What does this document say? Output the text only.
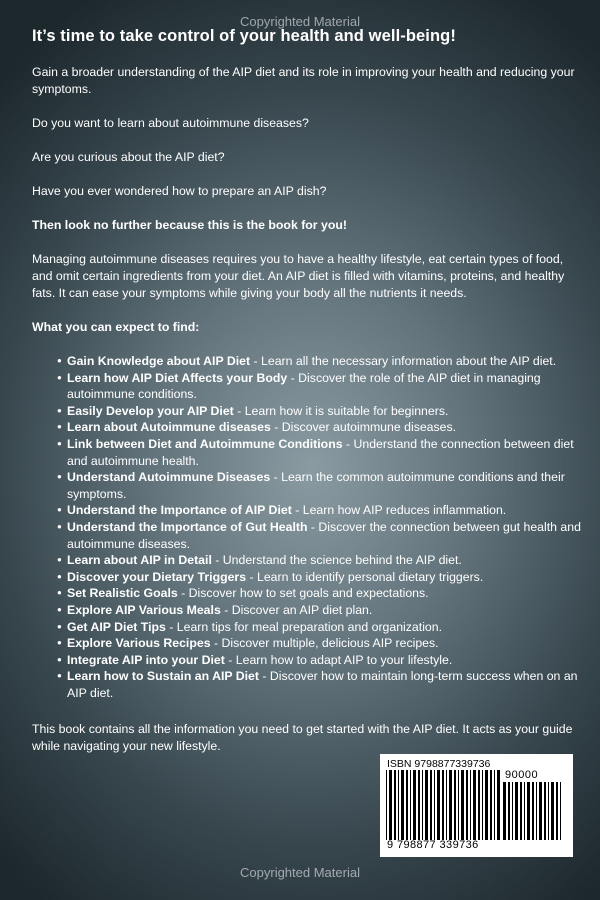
Copyrighted Material
It’s time to take control of your health and well-being!

Gain a broader understanding of the AIP diet and its role in improving your health and reducing your symptoms.

Do you want to learn about autoimmune diseases?

Are you curious about the AIP diet?

Have you ever wondered how to prepare an AIP dish?

Then look no further because this is the book for you!

Managing autoimmune diseases requires you to have a healthy lifestyle, eat certain types of food, and omit certain ingredients from your diet. An AIP diet is filled with vitamins, proteins, and healthy fats. It can ease your symptoms while giving your body all the nutrients it needs.

What you can expect to find:

● Gain Knowledge about AIP Diet - Learn all the necessary information about the AIP diet.
● Learn how AIP Diet Affects your Body - Discover the role of the AIP diet in managing autoimmune conditions.
● Easily Develop your AIP Diet - Learn how it is suitable for beginners.
● Learn about Autoimmune diseases - Discover autoimmune diseases.
● Link between Diet and Autoimmune Conditions - Understand the connection between diet and autoimmune health.
● Understand Autoimmune Diseases - Learn the common autoimmune conditions and their symptoms.
● Understand the Importance of AIP Diet - Learn how AIP reduces inflammation.
● Understand the Importance of Gut Health - Discover the connection between gut health and autoimmune diseases.
● Learn about AIP in Detail - Understand the science behind the AIP diet.
● Discover your Dietary Triggers - Learn to identify personal dietary triggers.
● Set Realistic Goals - Discover how to set goals and expectations.
● Explore AIP Various Meals - Discover an AIP diet plan.
● Get AIP Diet Tips - Learn tips for meal preparation and organization.
● Explore Various Recipes - Discover multiple, delicious AIP recipes.
● Integrate AIP into your Diet - Learn how to adapt AIP to your lifestyle.
● Learn how to Sustain an AIP Diet - Discover how to maintain long-term success when on an AIP diet.

This book contains all the information you need to get started with the AIP diet. It acts as your guide while navigating your new lifestyle.

ISBN 9798877339736
90000
9 798877 339736
Copyrighted Material
